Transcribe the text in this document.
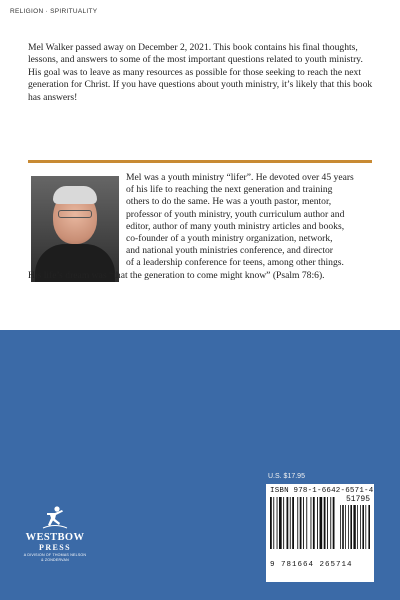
RELIGION · SPIRITUALITY

Mel Walker passed away on December 2, 2021. This book contains his final thoughts, lessons, and answers to some of the most important questions related to youth ministry. His goal was to leave as many resources as possible for those seeking to reach the next generation for Christ. If you have questions about youth ministry, it’s likely that this book has answers!

Mel was a youth ministry “lifer”. He devoted over 45 years
of his life to reaching the next generation and training
others to do the same. He was a youth pastor, mentor,
professor of youth ministry, youth curriculum author and
editor, author of many youth ministry articles and books,
co-founder of a youth ministry organization, network,
and national youth ministries conference, and director
of a leadership conference for teens, among other things.
His life’s dream was “that the generation to come might know” (Psalm 78:6).
WESTBOW
PRESS
A DIVISION OF THOMAS NELSON
& ZONDERVAN
U.S. $17.95
ISBN 978-1-6642-6571-4
51795
9 781664 265714
